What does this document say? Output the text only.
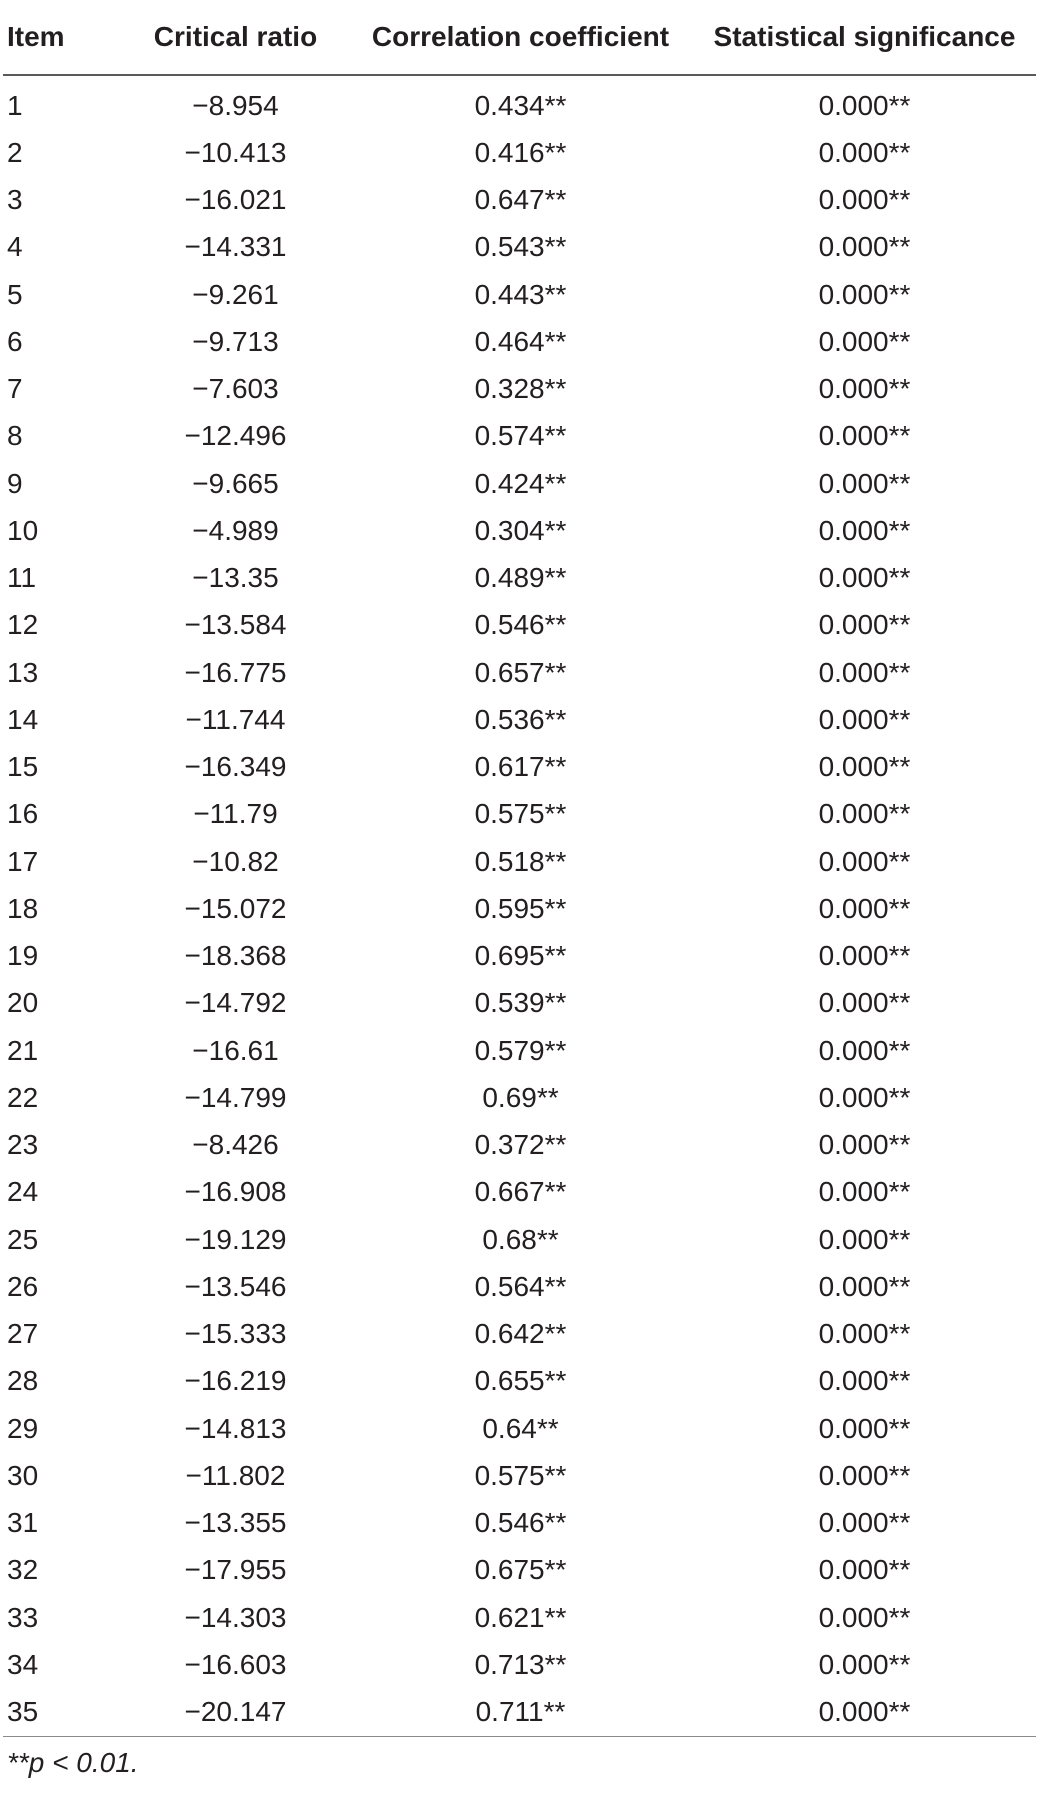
Item	Critical ratio	Correlation coefficient	Statistical significance
1	−8.954	0.434**	0.000**
2	−10.413	0.416**	0.000**
3	−16.021	0.647**	0.000**
4	−14.331	0.543**	0.000**
5	−9.261	0.443**	0.000**
6	−9.713	0.464**	0.000**
7	−7.603	0.328**	0.000**
8	−12.496	0.574**	0.000**
9	−9.665	0.424**	0.000**
10	−4.989	0.304**	0.000**
11	−13.35	0.489**	0.000**
12	−13.584	0.546**	0.000**
13	−16.775	0.657**	0.000**
14	−11.744	0.536**	0.000**
15	−16.349	0.617**	0.000**
16	−11.79	0.575**	0.000**
17	−10.82	0.518**	0.000**
18	−15.072	0.595**	0.000**
19	−18.368	0.695**	0.000**
20	−14.792	0.539**	0.000**
21	−16.61	0.579**	0.000**
22	−14.799	0.69**	0.000**
23	−8.426	0.372**	0.000**
24	−16.908	0.667**	0.000**
25	−19.129	0.68**	0.000**
26	−13.546	0.564**	0.000**
27	−15.333	0.642**	0.000**
28	−16.219	0.655**	0.000**
29	−14.813	0.64**	0.000**
30	−11.802	0.575**	0.000**
31	−13.355	0.546**	0.000**
32	−17.955	0.675**	0.000**
33	−14.303	0.621**	0.000**
34	−16.603	0.713**	0.000**
35	−20.147	0.711**	0.000**
**p < 0.01.
